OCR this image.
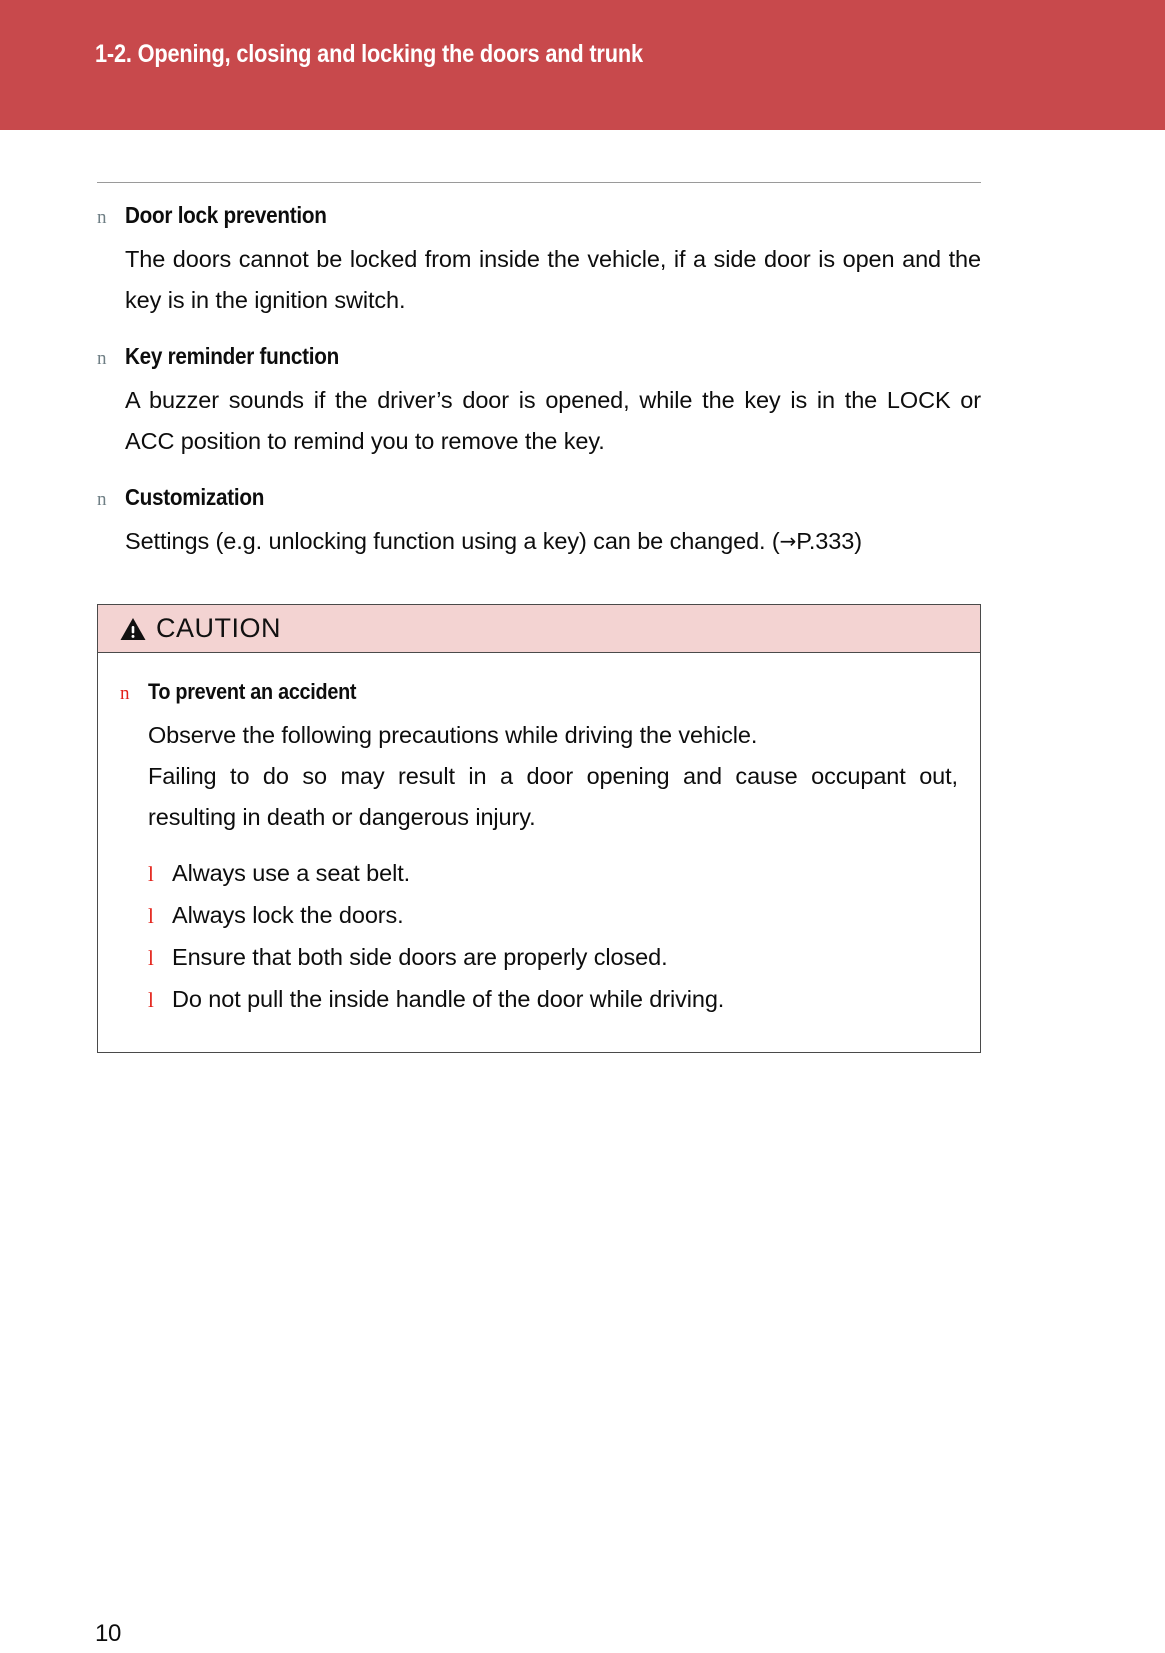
1-2. Opening, closing and locking the doors and trunk
n Door lock prevention
The doors cannot be locked from inside the vehicle, if a side door is open and the key is in the ignition switch.
n Key reminder function
A buzzer sounds if the driver’s door is opened, while the key is in the LOCK or ACC position to remind you to remove the key.
n Customization
Settings (e.g. unlocking function using a key) can be changed. (→P.333)
CAUTION
n To prevent an accident
Observe the following precautions while driving the vehicle.
Failing to do so may result in a door opening and cause occupant out, resulting in death or dangerous injury.
l Always use a seat belt.
l Always lock the doors.
l Ensure that both side doors are properly closed.
l Do not pull the inside handle of the door while driving.
10
